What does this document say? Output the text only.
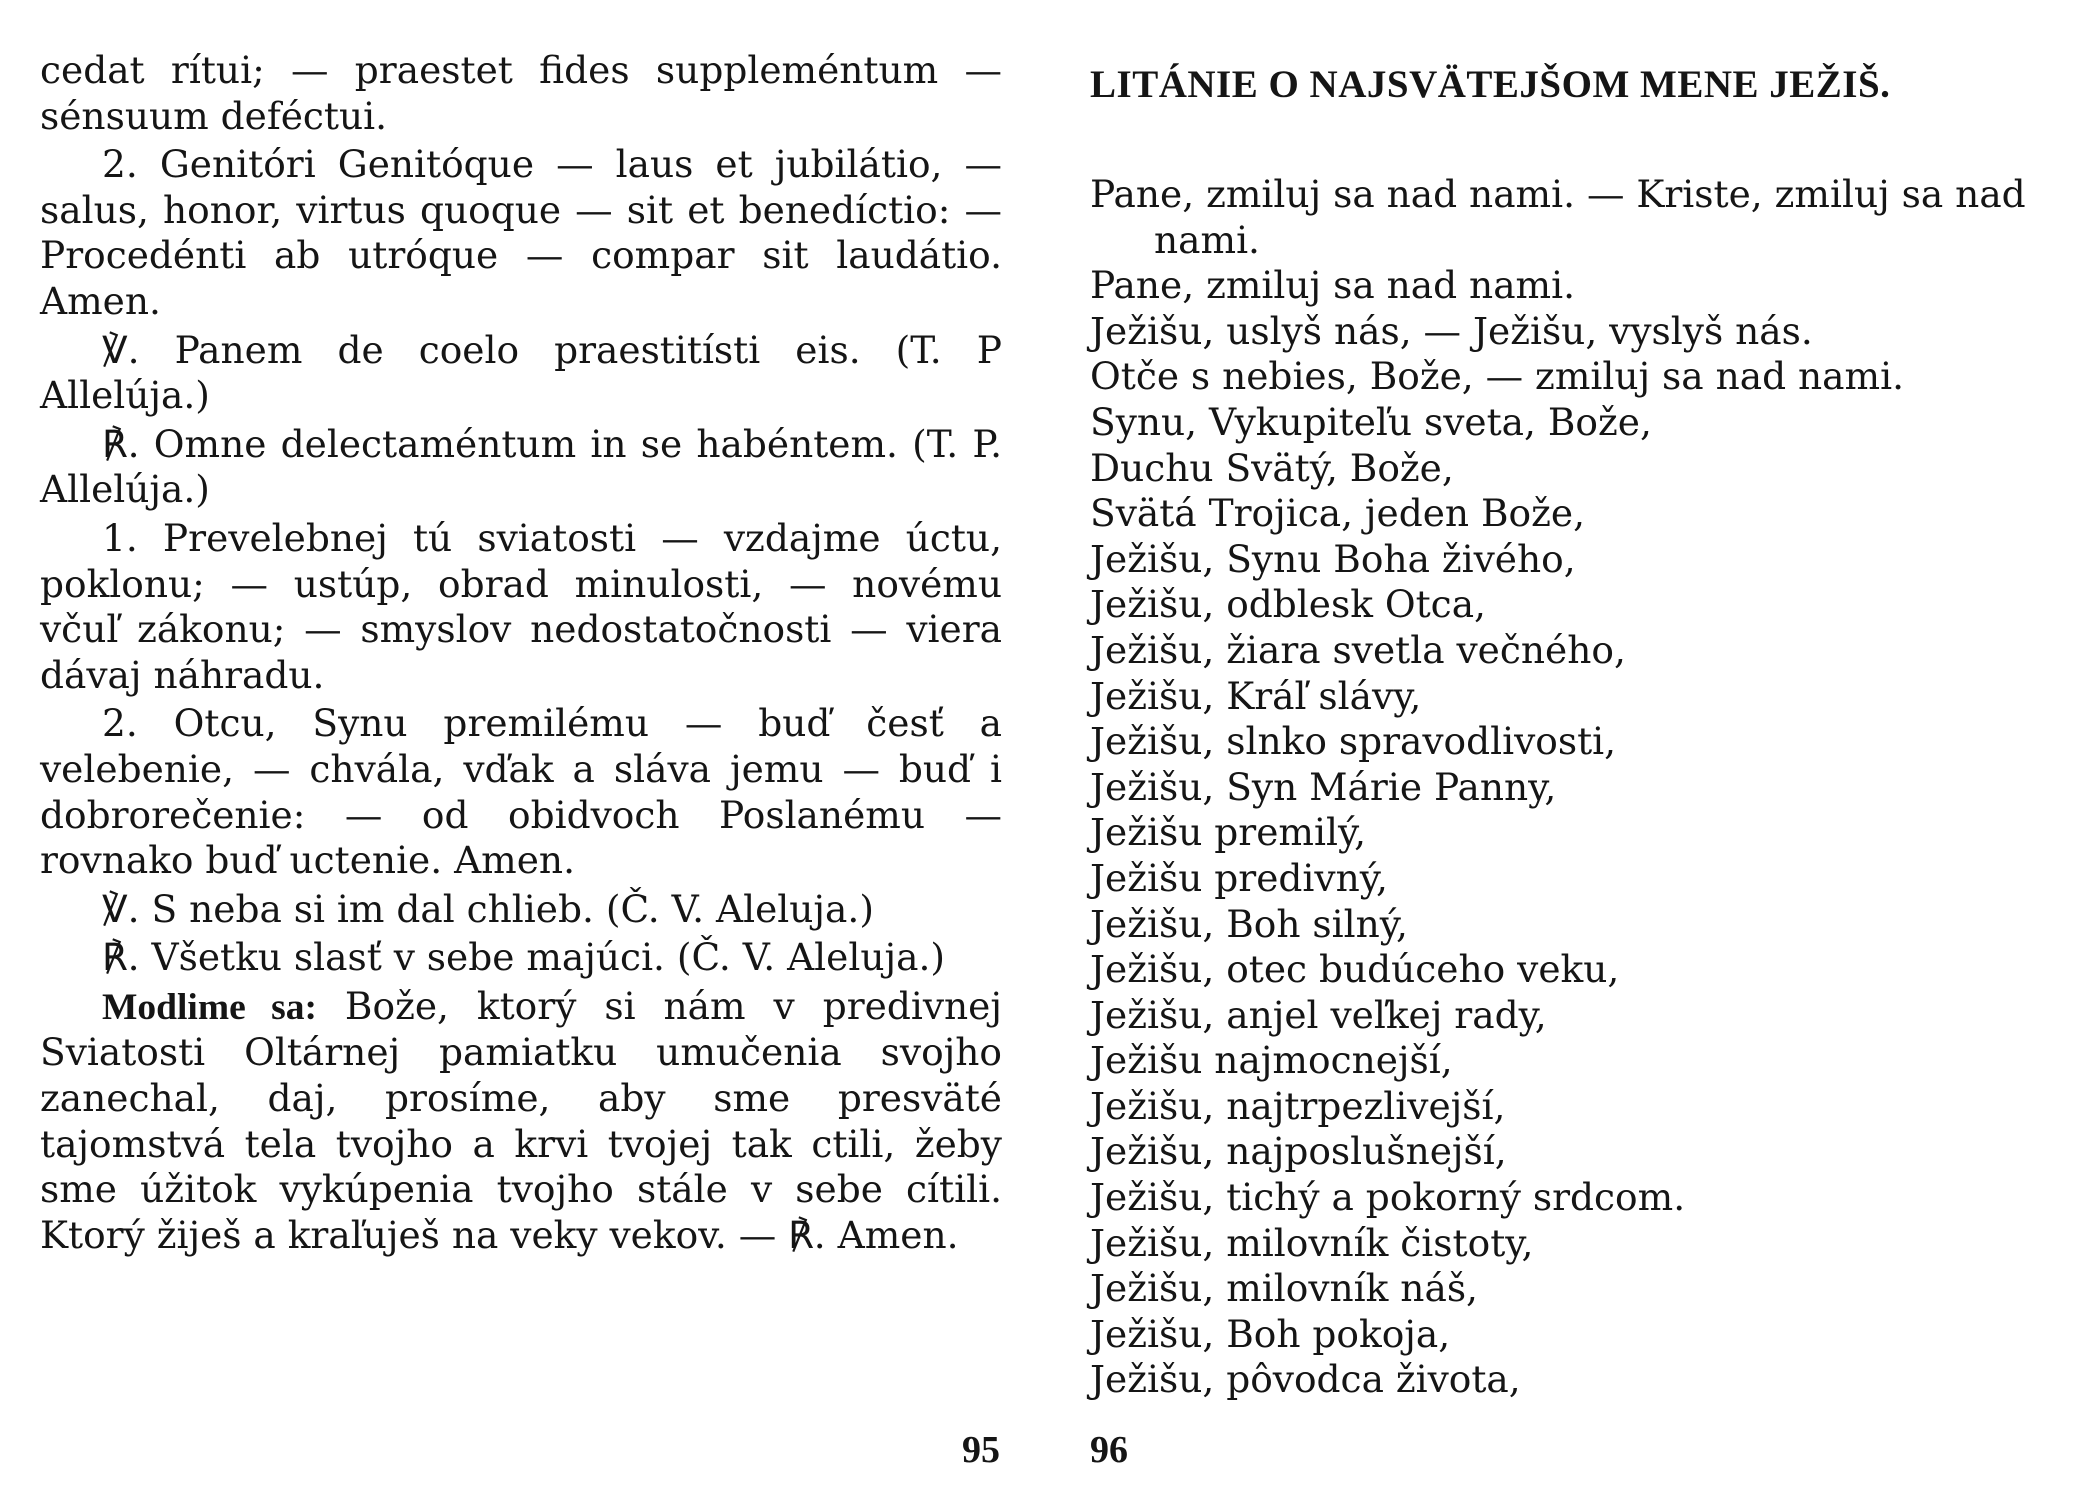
cedat rítui; — praestet fides suppleméntum — sénsuum deféctui.

2. Genitóri Genitóque — laus et jubilátio, — salus, honor, virtus quoque — sit et benedíctio: — Procedénti ab utróque — compar sit laudátio. Amen.

℣. Panem de coelo praestitísti eis. (T. P Allelúja.)

℟. Omne delectaméntum in se habéntem. (T. P. Allelúja.)

1. Prevelebnej tú sviatosti — vzdajme úctu, poklonu; — ustúp, obrad minulosti, — novému včuľ zákonu; — smyslov nedostatočnosti — viera dávaj náhradu.

2. Otcu, Synu premilému — buď česť a velebenie, — chvála, vďak a sláva jemu — buď i dobrorečenie: — od obidvoch Poslanému — rovnako buď uctenie. Amen.

℣. S neba si im dal chlieb. (Č. V. Aleluja.)

℟. Všetku slasť v sebe majúci. (Č. V. Aleluja.)

Modlime sa: Bože, ktorý si nám v predivnej Sviatosti Oltárnej pamiatku umučenia svojho zanechal, daj, prosíme, aby sme presväté tajomstvá tela tvojho a krvi tvojej tak ctili, žeby sme úžitok vykúpenia tvojho stále v sebe cítili. Ktorý žiješ a kraľuješ na veky vekov. — ℟. Amen.

95
LITÁNIE O NAJSVÄTEJŠOM MENE JEŽIŠ.
Pane, zmiluj sa nad nami. — Kriste, zmiluj sa nad nami.
Pane, zmiluj sa nad nami.
Ježišu, uslyš nás, — Ježišu, vyslyš nás.
Otče s nebies, Bože, — zmiluj sa nad nami.
Synu, Vykupiteľu sveta, Bože,
Duchu Svätý, Bože,
Svätá Trojica, jeden Bože,
Ježišu, Synu Boha živého,
Ježišu, odblesk Otca,
Ježišu, žiara svetla večného,
Ježišu, Kráľ slávy,
Ježišu, slnko spravodlivosti,
Ježišu, Syn Márie Panny,
Ježišu premilý,
Ježišu predivný,
Ježišu, Boh silný,
Ježišu, otec budúceho veku,
Ježišu, anjel veľkej rady,
Ježišu najmocnejší,
Ježišu, najtrpezlivejší,
Ježišu, najposlušnejší,
Ježišu, tichý a pokorný srdcom.
Ježišu, milovník čistoty,
Ježišu, milovník náš,
Ježišu, Boh pokoja,
Ježišu, pôvodca života,
96
